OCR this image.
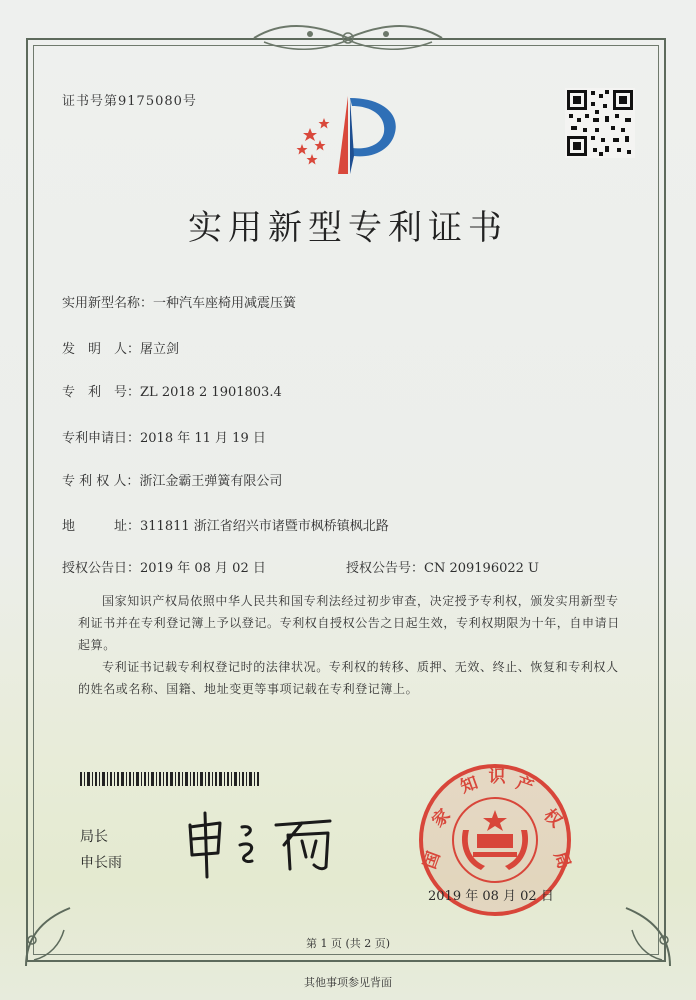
证书号第9175080号
实用新型专利证书
实用新型名称：一种汽车座椅用减震压簧
发　明　人：屠立剑
专　利　号：ZL 2018 2 1901803.4
专利申请日：2018 年 11 月 19 日
专 利 权 人：浙江金霸王弹簧有限公司
地　　　址：311811 浙江省绍兴市诸暨市枫桥镇枫北路
授权公告日：2019 年 08 月 02 日	授权公告号：CN 209196022 U
国家知识产权局依照中华人民共和国专利法经过初步审查，决定授予专利权，颁发实用新型专利证书并在专利登记簿上予以登记。专利权自授权公告之日起生效，专利权期限为十年，自申请日起算。
专利证书记载专利权登记时的法律状况。专利权的转移、质押、无效、终止、恢复和专利权人的姓名或名称、国籍、地址变更等事项记载在专利登记簿上。
局长
申长雨	国
家
知 识 产
权
局
2019 年 08 月 02 日
第 1 页 (共 2 页)
其他事项参见背面
